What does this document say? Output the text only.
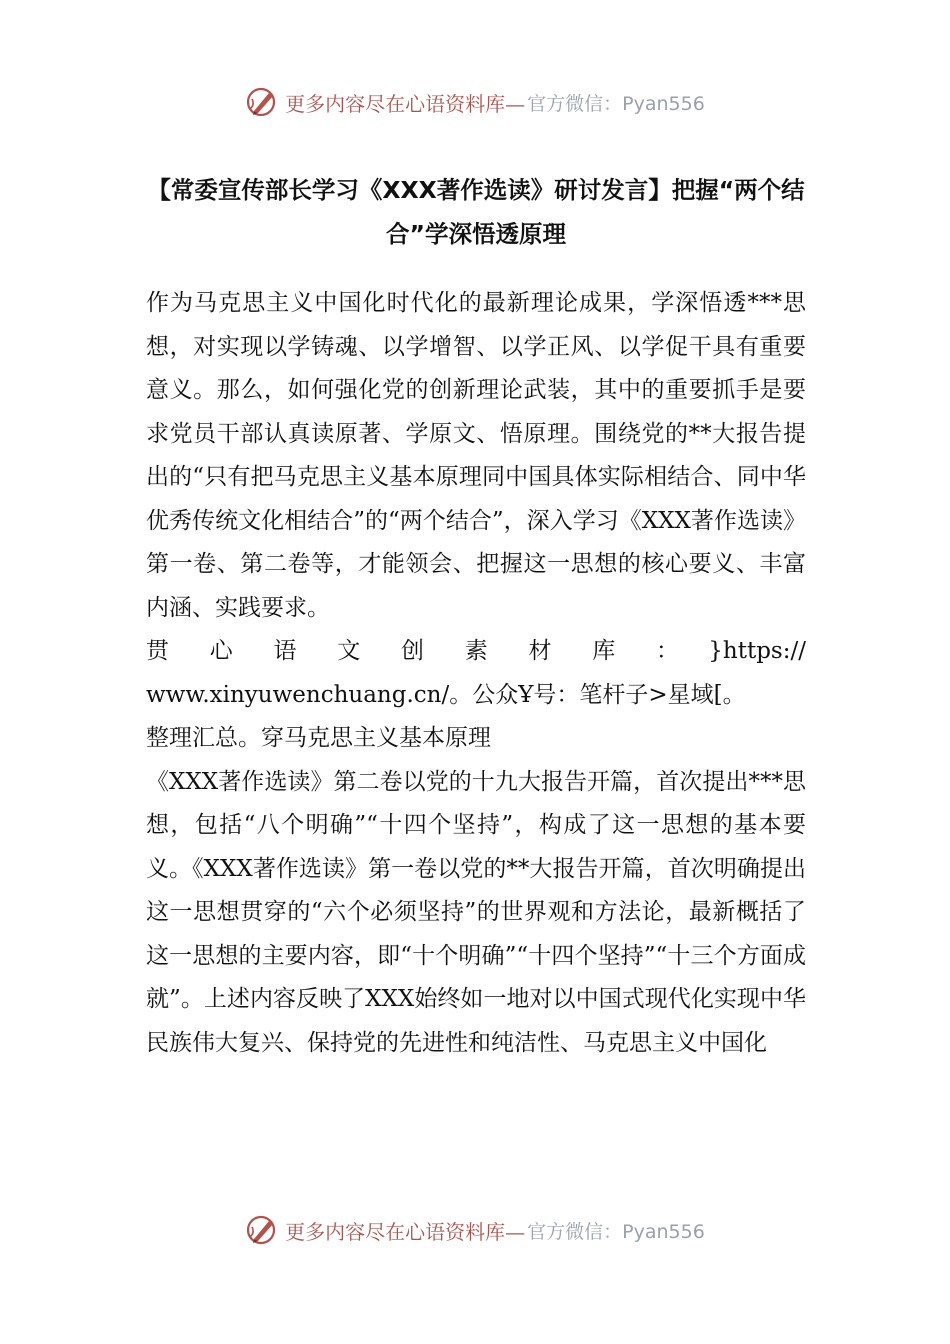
更多内容尽在心语资料库— 官方微信：Pyan556
【常委宣传部长学习《XXX著作选读》研讨发言】把握“两个结合”学深悟透原理

作为马克思主义中国化时代化的最新理论成果，学深悟透***思想，对实现以学铸魂、以学增智、以学正风、以学促干具有重要意义。那么，如何强化党的创新理论武装，其中的重要抓手是要求党员干部认真读原著、学原文、悟原理。围绕党的**大报告提出的“只有把马克思主义基本原理同中国具体实际相结合、同中华优秀传统文化相结合”的“两个结合”，深入学习《XXX著作选读》第一卷、第二卷等，才能领会、把握这一思想的核心要义、丰富内涵、实践要求。

贯心语文创素材库：}https://

www.xinyuwenchuang.cn/。公众Ұ号：笔杆子>星域[。

整理汇总。穿马克思主义基本原理

《XXX著作选读》第二卷以党的十九大报告开篇，首次提出***思想，包括“八个明确”“十四个坚持”，构成了这一思想的基本要义。《XXX著作选读》第一卷以党的**大报告开篇，首次明确提出这一思想贯穿的“六个必须坚持”的世界观和方法论，最新概括了这一思想的主要内容，即“十个明确”“十四个坚持”“十三个方面成就”。上述内容反映了XXX始终如一地对以中国式现代化实现中华民族伟大复兴、保持党的先进性和纯洁性、马克思主义中国化

更多内容尽在心语资料库— 官方微信：Pyan556
